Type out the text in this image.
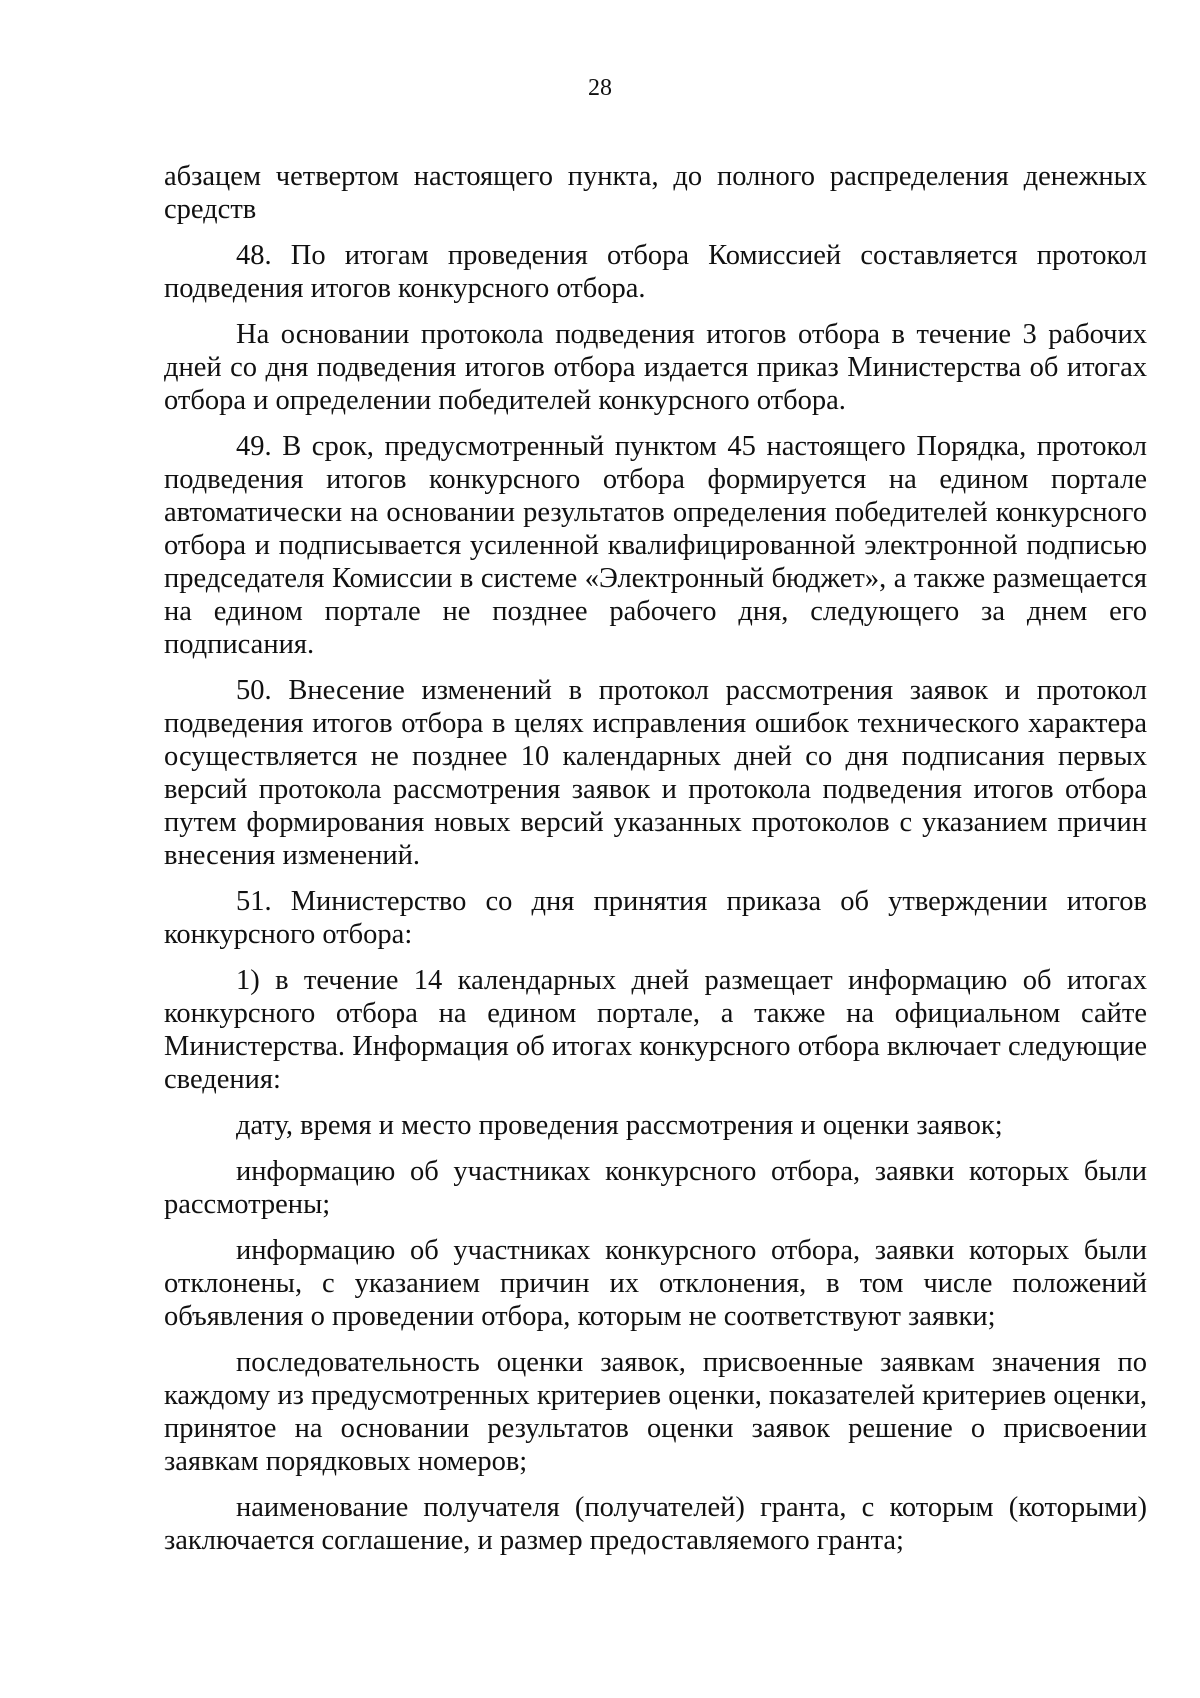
28

абзацем четвертом настоящего пункта, до полного распределения денежных средств

48. По итогам проведения отбора Комиссией составляется протокол подведения итогов конкурсного отбора.

На основании протокола подведения итогов отбора в течение 3 рабочих дней со дня подведения итогов отбора издается приказ Министерства об итогах отбора и определении победителей конкурсного отбора.

49. В срок, предусмотренный пунктом 45 настоящего Порядка, протокол подведения итогов конкурсного отбора формируется на едином портале автоматически на основании результатов определения победителей конкурсного отбора и подписывается усиленной квалифицированной электронной подписью председателя Комиссии в системе «Электронный бюджет», а также размещается на едином портале не позднее рабочего дня, следующего за днем его подписания.

50. Внесение изменений в протокол рассмотрения заявок и протокол подведения итогов отбора в целях исправления ошибок технического характера осуществляется не позднее 10 календарных дней со дня подписания первых версий протокола рассмотрения заявок и протокола подведения итогов отбора путем формирования новых версий указанных протоколов с указанием причин внесения изменений.

51. Министерство со дня принятия приказа об утверждении итогов конкурсного отбора:

1) в течение 14 календарных дней размещает информацию об итогах конкурсного отбора на едином портале, а также на официальном сайте Министерства. Информация об итогах конкурсного отбора включает следующие сведения:

дату, время и место проведения рассмотрения и оценки заявок;

информацию об участниках конкурсного отбора, заявки которых были рассмотрены;

информацию об участниках конкурсного отбора, заявки которых были отклонены, с указанием причин их отклонения, в том числе положений объявления о проведении отбора, которым не соответствуют заявки;

последовательность оценки заявок, присвоенные заявкам значения по каждому из предусмотренных критериев оценки, показателей критериев оценки, принятое на основании результатов оценки заявок решение о присвоении заявкам порядковых номеров;

наименование получателя (получателей) гранта, с которым (которыми) заключается соглашение, и размер предоставляемого гранта;
